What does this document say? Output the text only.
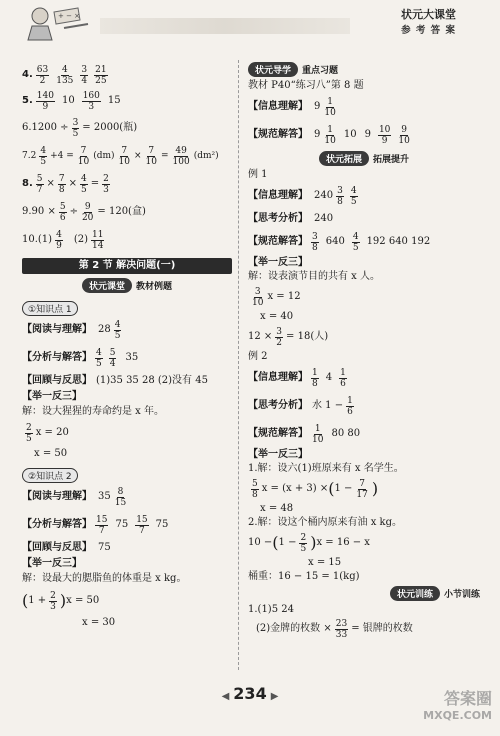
+ − ×	状元大课堂
参 考 答 案
4. 63
2
4
135
3
4
21
25
5. 140
9
10 160
3
15
$6.1200 \div \frac{3}{5} = 2000$(瓶)
7.2
4
5
$+4 = \frac{7}{10} (dm) \frac{7}{10} \times \frac{7}{10} = \frac{49}{100} (dm^2)$
8. $\frac{5}{7} \times \frac{7}{8} \times \frac{4}{5} = \frac{2}{3}$
$9.90 \times \frac{5}{6} \div \frac{9}{20} = 120$(盒)
10.(1) 4
9
(2) 11
14
第 2 节 解决问题(一)
状元课堂	教材例题
①知识点 1
【阅读与理解】 28 4
5
【分析与解答】 4
5
5
4
35
【回顾与反思】 (1)35 35 28 (2)没有 45
【举一反三】
解：设大猩猩的寿命约是 x 年。
2
5
x = 20
x = 50
②知识点 2
【阅读与理解】 35 8
15
【分析与解答】 15
7
75 15
7
75
【回顾与反思】 75
【举一反三】
解：设最大的腮脂鱼的体重是 x kg。
( $1 + \frac{2}{3}$ ) x = 50
x = 30
状元导学	重点习题
教材 P40“练习八”第 8 题
【信息理解】 9 1
10
【规范解答】 9 1
10
10 9 10
9
9
10
状元拓展	拓展提升
例 1
【信息理解】 240 3
8
4
5
【思考分析】 240
【规范解答】 3
8
640 4
5
192 640 192
【举一反三】
解：设表演节目的共有 x 人。
3
10
x = 12
x = 40
$12 \times \frac{3}{2} = 18$(人)
例 2
【信息理解】 1
8
4 1
6
【思考分析】 水 $1 - \frac{1}{6}$
【规范解答】 1
10
80 80
【举一反三】
1.解：设六(1)班原来有 x 名学生。
5
8
x = (x + 3) × ( $1 - \frac{7}{17}$ )
x = 48
2.解：设这个桶内原来有油 x kg。
10 − ( $1 - \frac{2}{5}$ ) x = 16 − x
x = 15
桶重：16 − 15 = 1(kg)
状元训练	小节训练
1.(1)5 24
(2)金牌的枚数 × $\frac{23}{33}$ = 银牌的枚数
◀ 234 ▶	答案圈
MXQE.COM
